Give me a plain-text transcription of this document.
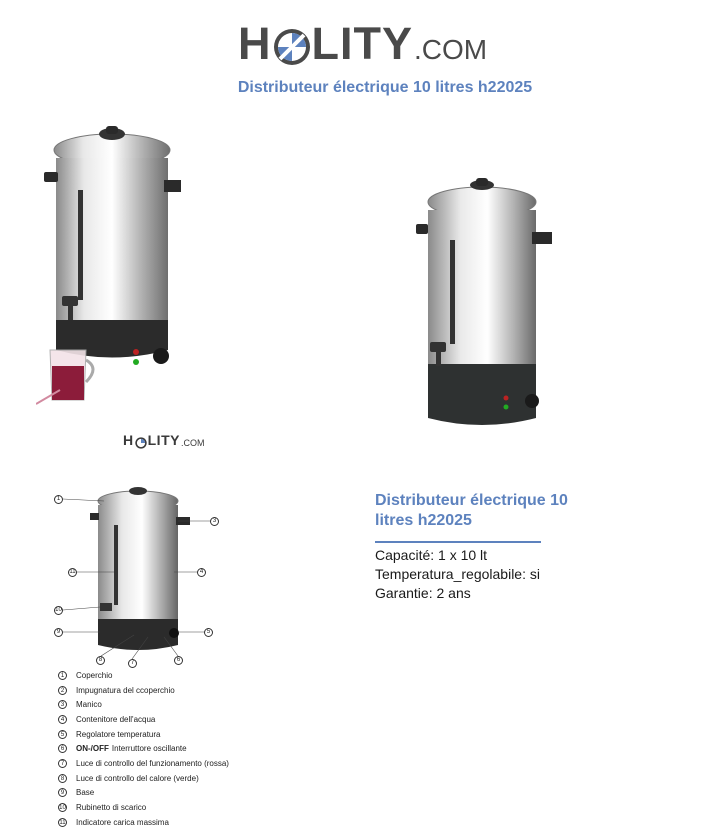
H LITY .COM
Distributeur électrique 10 litres h22025
H LITY .COM
1
3
11	4
10
9	5
8	7	6
1	Coperchio
2	Impugnatura del ccoperchio
3	Manico
4	Contenitore dell'acqua
5	Regolatore temperatura
6	ON-/OFF Interruttore oscillante
7	Luce di controllo del funzionamento (rossa)
8	Luce di controllo del calore (verde)
9	Base
10 Rubinetto di scarico
11 Indicatore carica massima
Distributeur électrique 10 litres h22025
Capacité: 1 x 10 lt
Temperatura_regolabile: si
Garantie: 2 ans
